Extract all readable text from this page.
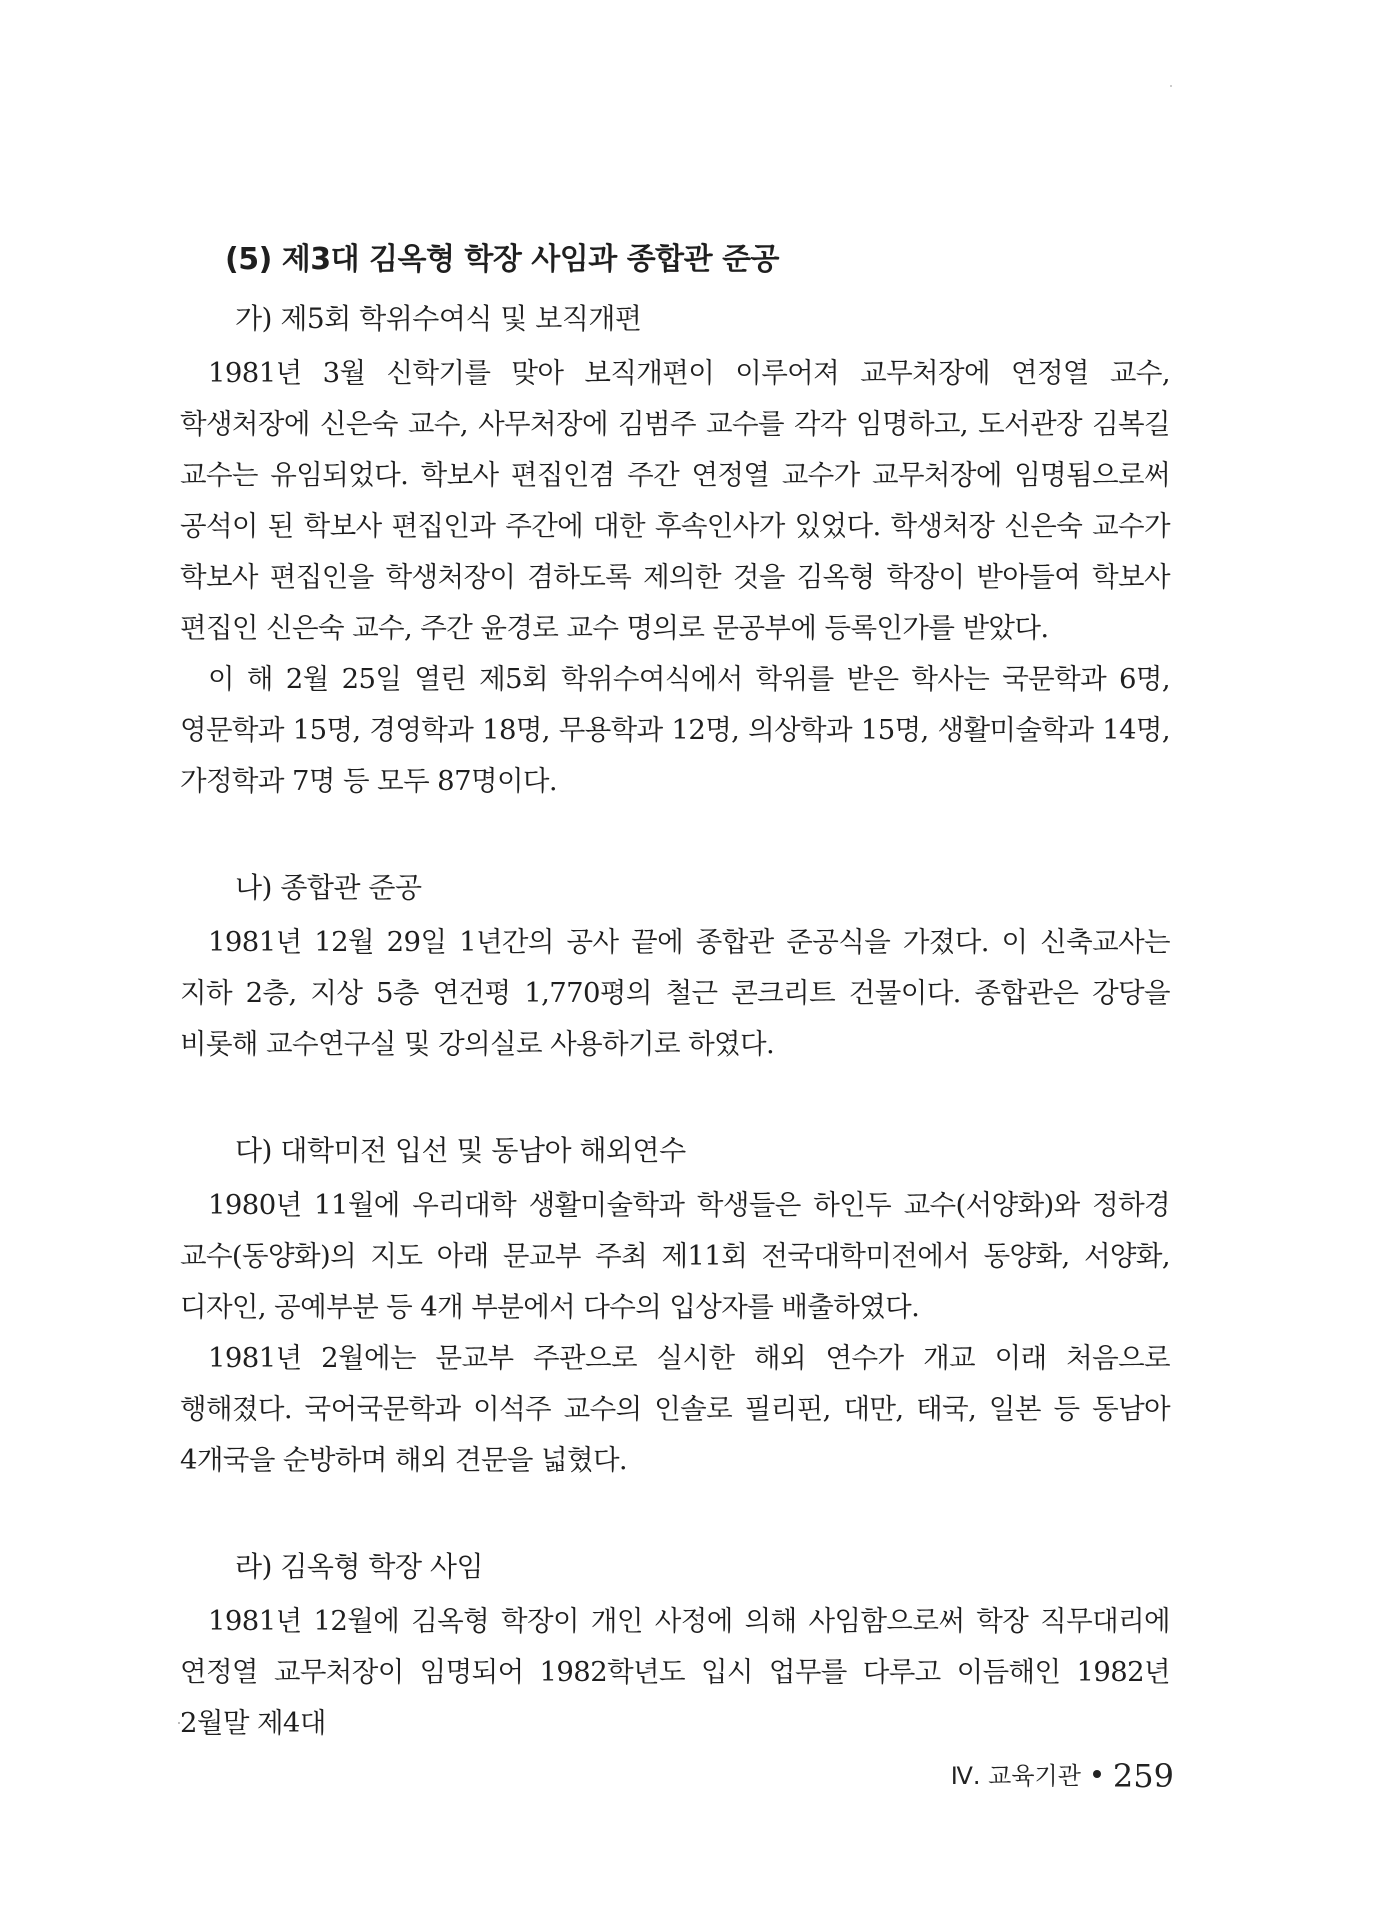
(5) 제3대 김옥형 학장 사임과 종합관 준공
가) 제5회 학위수여식 및 보직개편

1981년 3월 신학기를 맞아 보직개편이 이루어져 교무처장에 연정열 교수, 학생처장에 신은숙 교수, 사무처장에 김범주 교수를 각각 임명하고, 도서관장 김복길 교수는 유임되었다. 학보사 편집인겸 주간 연정열 교수가 교무처장에 임명됨으로써 공석이 된 학보사 편집인과 주간에 대한 후속인사가 있었다. 학생처장 신은숙 교수가 학보사 편집인을 학생처장이 겸하도록 제의한 것을 김옥형 학장이 받아들여 학보사 편집인 신은숙 교수, 주간 윤경로 교수 명의로 문공부에 등록인가를 받았다.

이 해 2월 25일 열린 제5회 학위수여식에서 학위를 받은 학사는 국문학과 6명, 영문학과 15명, 경영학과 18명, 무용학과 12명, 의상학과 15명, 생활미술학과 14명, 가정학과 7명 등 모두 87명이다.

나) 종합관 준공

1981년 12월 29일 1년간의 공사 끝에 종합관 준공식을 가졌다. 이 신축교사는 지하 2층, 지상 5층 연건평 1,770평의 철근 콘크리트 건물이다. 종합관은 강당을 비롯해 교수연구실 및 강의실로 사용하기로 하였다.

다) 대학미전 입선 및 동남아 해외연수

1980년 11월에 우리대학 생활미술학과 학생들은 하인두 교수(서양화)와 정하경 교수(동양화)의 지도 아래 문교부 주최 제11회 전국대학미전에서 동양화, 서양화, 디자인, 공예부분 등 4개 부분에서 다수의 입상자를 배출하였다.

1981년 2월에는 문교부 주관으로 실시한 해외 연수가 개교 이래 처음으로 행해졌다. 국어국문학과 이석주 교수의 인솔로 필리핀, 대만, 태국, 일본 등 동남아 4개국을 순방하며 해외 견문을 넓혔다.

라) 김옥형 학장 사임

1981년 12월에 김옥형 학장이 개인 사정에 의해 사임함으로써 학장 직무대리에 연정열 교무처장이 임명되어 1982학년도 입시 업무를 다루고 이듬해인 1982년 2월말 제4대

Ⅳ. 교육기관 259
